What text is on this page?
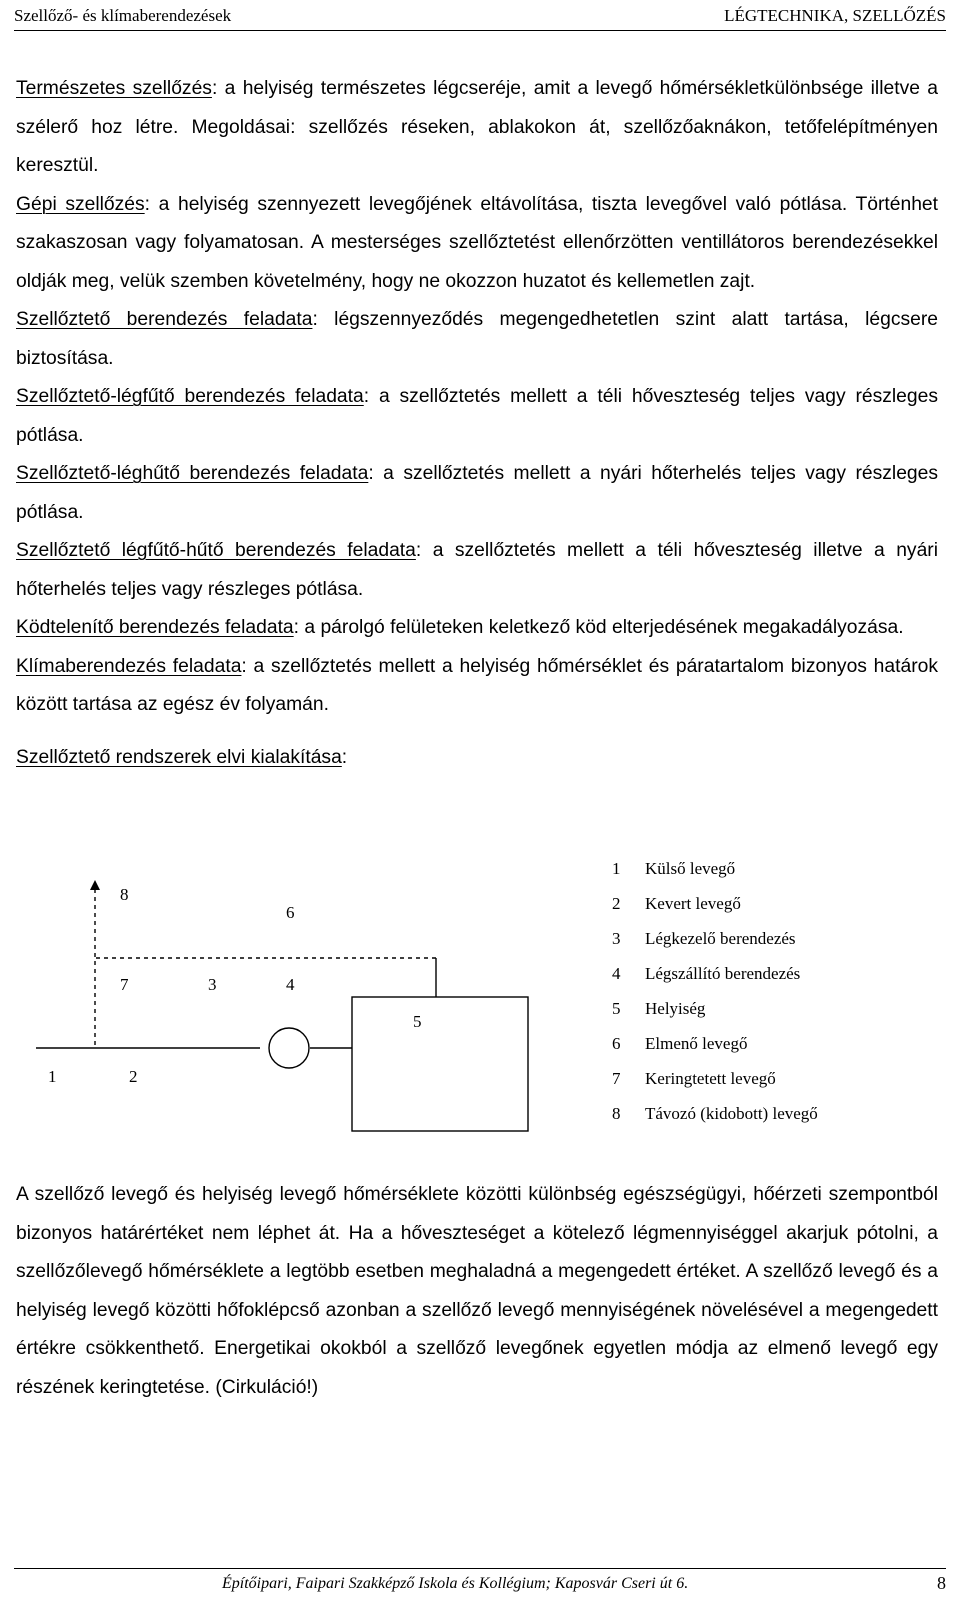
Szellőző- és klímaberendezések	LÉGTECHNIKA, SZELLŐZÉS

Természetes szellőzés: a helyiség természetes légcseréje, amit a levegő hőmérsékletkülönbsége illetve a szélerő hoz létre. Megoldásai: szellőzés réseken, ablakokon át, szellőzőaknákon, tetőfelépítményen keresztül.

Gépi szellőzés: a helyiség szennyezett levegőjének eltávolítása, tiszta levegővel való pótlása. Történhet szakaszosan vagy folyamatosan. A mesterséges szellőztetést ellenőrzötten ventillátoros berendezésekkel oldják meg, velük szemben követelmény, hogy ne okozzon huzatot és kellemetlen zajt.

Szellőztető berendezés feladata: légszennyeződés megengedhetetlen szint alatt tartása, légcsere biztosítása.

Szellőztető-légfűtő berendezés feladata: a szellőztetés mellett a téli hőveszteség teljes vagy részleges pótlása.

Szellőztető-léghűtő berendezés feladata: a szellőztetés mellett a nyári hőterhelés teljes vagy részleges pótlása.

Szellőztető légfűtő-hűtő berendezés feladata: a szellőztetés mellett a téli hőveszteség illetve a nyári hőterhelés teljes vagy részleges pótlása.

Ködtelenítő berendezés feladata: a párolgó felületeken keletkező köd elterjedésének megakadályozása.

Klímaberendezés feladata: a szellőztetés mellett a helyiség hőmérséklet és páratartalom bizonyos határok között tartása az egész év folyamán.

Szellőztető rendszerek elvi kialakítása:

8
6
7	3	4
5
1	2
1 Külső levegő
2 Kevert levegő
3 Légkezelő berendezés
4 Légszállító berendezés
5 Helyiség
6 Elmenő levegő
7 Keringtetett levegő
8 Távozó (kidobott) levegő

A szellőző levegő és helyiség levegő hőmérséklete közötti különbség egészségügyi, hőérzeti szempontból bizonyos határértéket nem léphet át. Ha a hőveszteséget a kötelező légmennyiséggel akarjuk pótolni, a szellőzőlevegő hőmérséklete a legtöbb esetben meghaladná a megengedett értéket. A szellőző levegő és a helyiség levegő közötti hőfoklépcső azonban a szellőző levegő mennyiségének növelésével a megengedett értékre csökkenthető. Energetikai okokból a szellőző levegőnek egyetlen módja az elmenő levegő egy részének keringtetése. (Cirkuláció!)

Építőipari, Faipari Szakképző Iskola és Kollégium; Kaposvár Cseri út 6.	8
